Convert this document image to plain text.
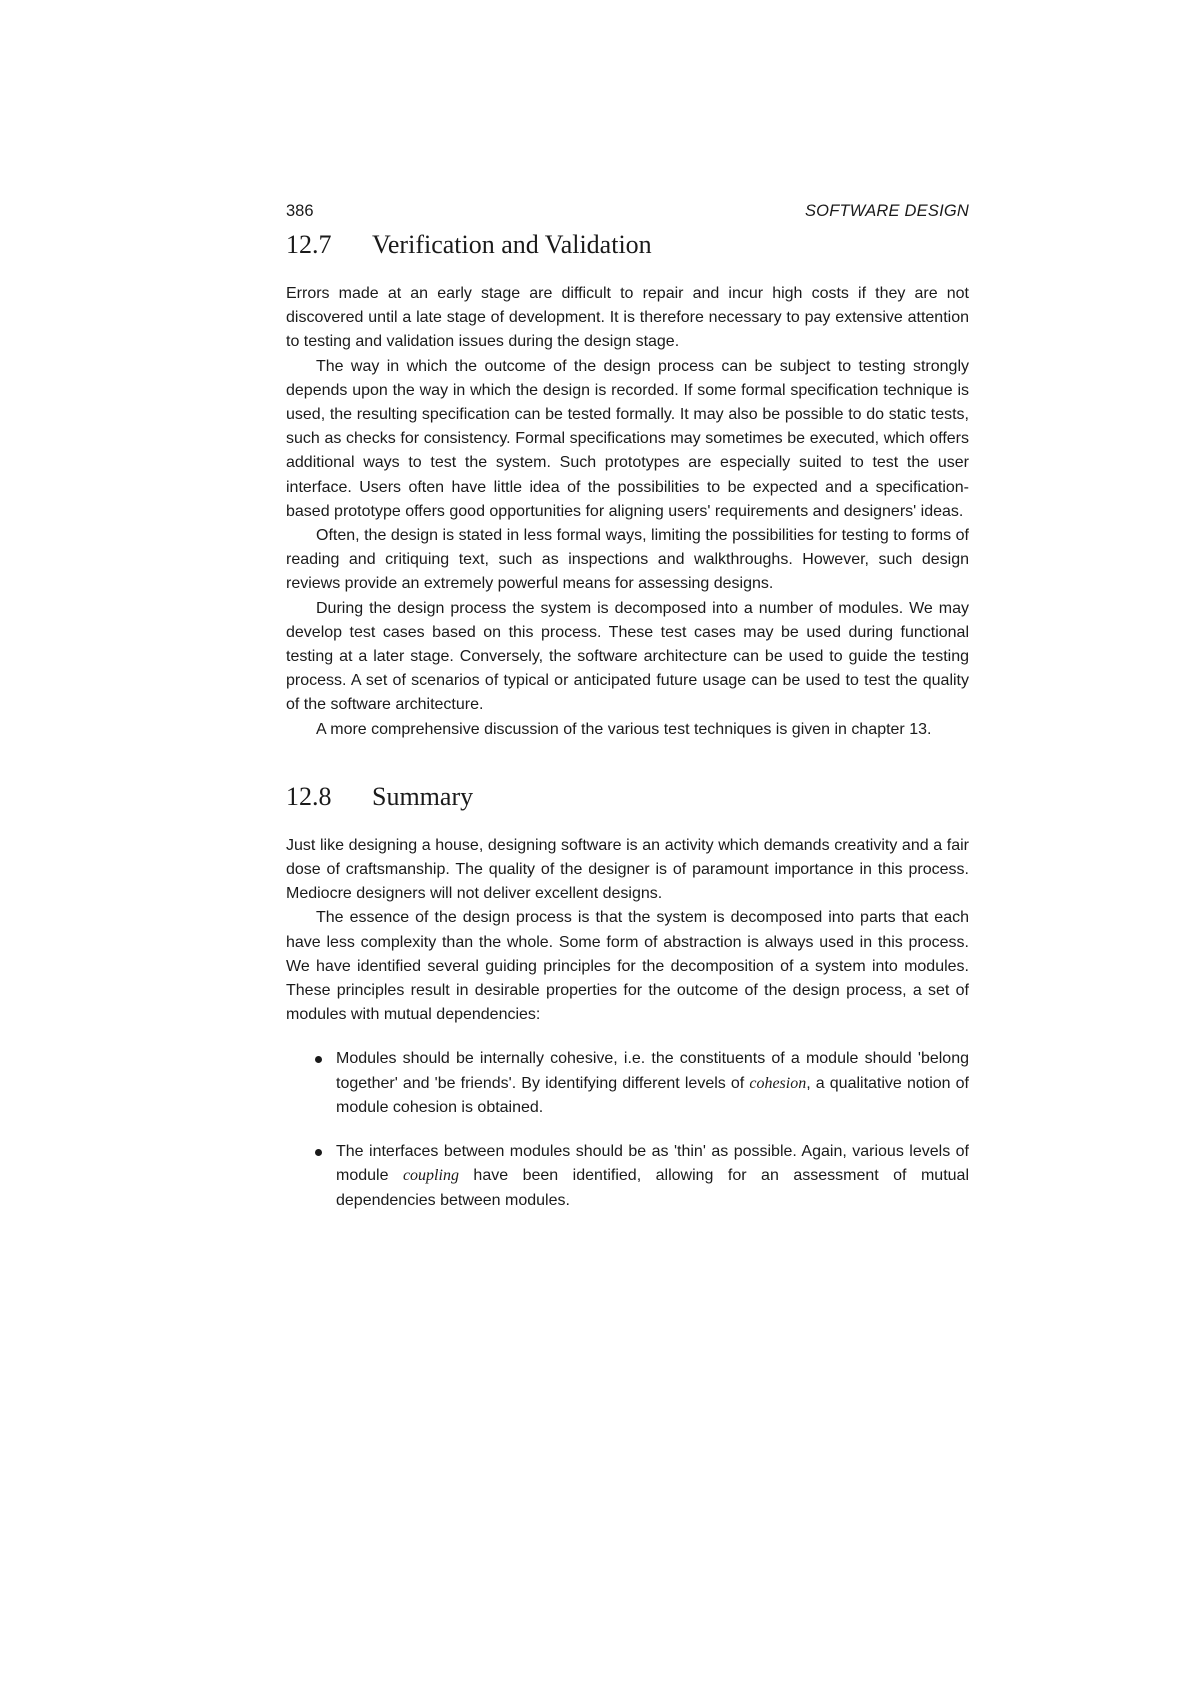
386	SOFTWARE DESIGN
12.7	Verification and Validation

Errors made at an early stage are difficult to repair and incur high costs if they are not discovered until a late stage of development. It is therefore necessary to pay extensive attention to testing and validation issues during the design stage.

The way in which the outcome of the design process can be subject to testing strongly depends upon the way in which the design is recorded. If some formal specification technique is used, the resulting specification can be tested formally. It may also be possible to do static tests, such as checks for consistency. Formal specifications may sometimes be executed, which offers additional ways to test the system. Such prototypes are especially suited to test the user interface. Users often have little idea of the possibilities to be expected and a specification-based prototype offers good opportunities for aligning users' requirements and designers' ideas.

Often, the design is stated in less formal ways, limiting the possibilities for testing to forms of reading and critiquing text, such as inspections and walkthroughs. However, such design reviews provide an extremely powerful means for assessing designs.

During the design process the system is decomposed into a number of modules. We may develop test cases based on this process. These test cases may be used during functional testing at a later stage. Conversely, the software architecture can be used to guide the testing process. A set of scenarios of typical or anticipated future usage can be used to test the quality of the software architecture.

A more comprehensive discussion of the various test techniques is given in chapter 13.

12.8	Summary

Just like designing a house, designing software is an activity which demands creativity and a fair dose of craftsmanship. The quality of the designer is of paramount importance in this process. Mediocre designers will not deliver excellent designs.

The essence of the design process is that the system is decomposed into parts that each have less complexity than the whole. Some form of abstraction is always used in this process. We have identified several guiding principles for the decomposition of a system into modules. These principles result in desirable properties for the outcome of the design process, a set of modules with mutual dependencies:

Modules should be internally cohesive, i.e. the constituents of a module should 'belong together' and 'be friends'. By identifying different levels of cohesion, a qualitative notion of module cohesion is obtained.

The interfaces between modules should be as 'thin' as possible. Again, various levels of module coupling have been identified, allowing for an assessment of mutual dependencies between modules.
